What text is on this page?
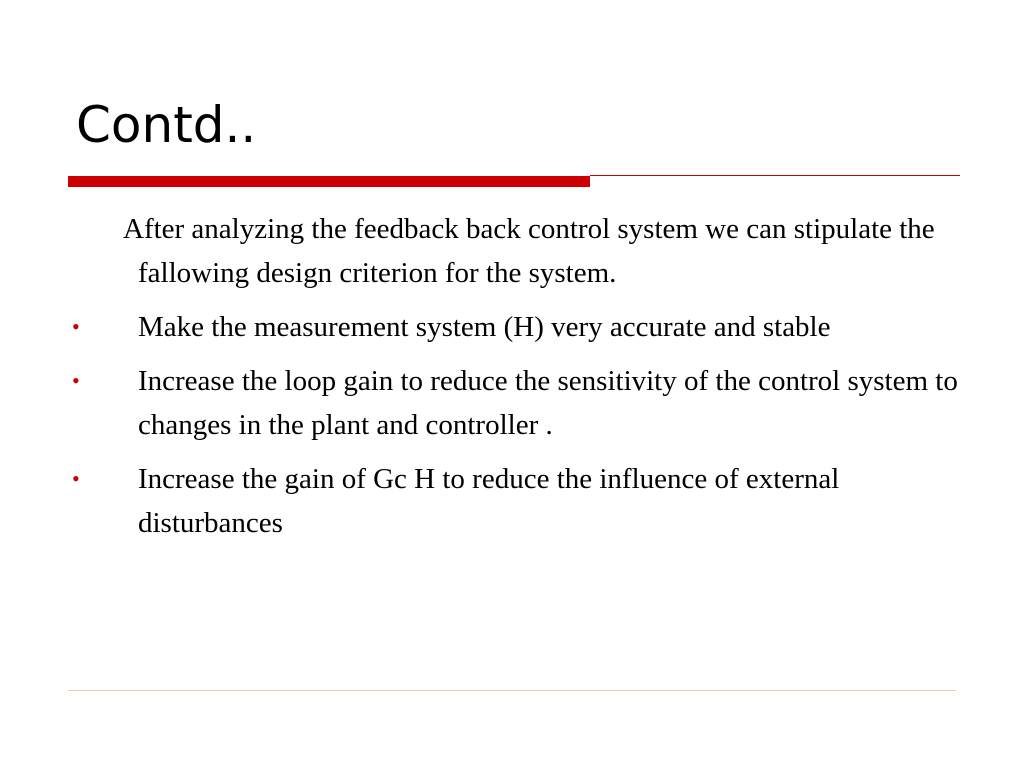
Contd..

After analyzing the feedback back control system we can stipulate the fallowing design criterion for the system.

• Make the measurement system (H) very accurate and stable
• Increase the loop gain to reduce the sensitivity of the control system to changes in the plant and controller .
• Increase the gain of Gc H to reduce the influence of external disturbances
